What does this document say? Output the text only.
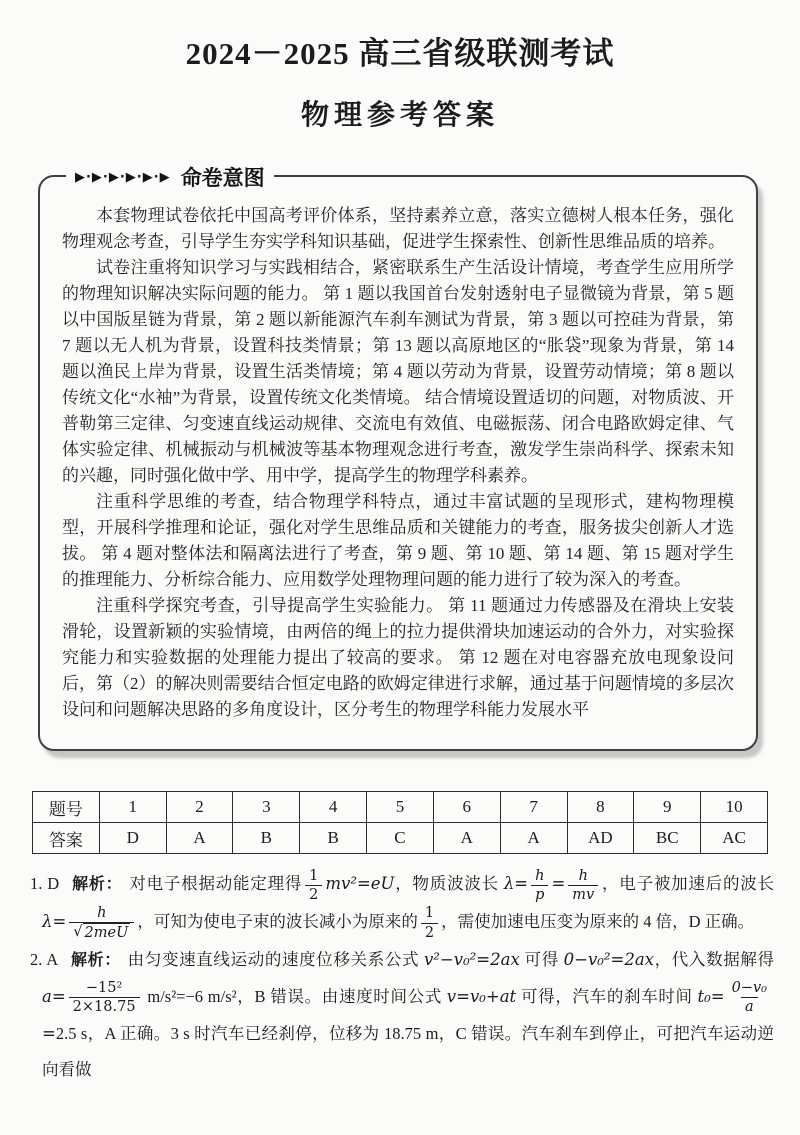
2024－2025 高三省级联测考试
物理参考答案
▶·▶·▶·▶·▶·▶ 命卷意图

本套物理试卷依托中国高考评价体系，坚持素养立意，落实立德树人根本任务，强化物理观念考查，引导学生夯实学科知识基础，促进学生探索性、创新性思维品质的培养。

试卷注重将知识学习与实践相结合，紧密联系生产生活设计情境，考查学生应用所学的物理知识解决实际问题的能力。 第 1 题以我国首台发射透射电子显微镜为背景，第 5 题以中国版星链为背景，第 2 题以新能源汽车刹车测试为背景，第 3 题以可控硅为背景，第 7 题以无人机为背景，设置科技类情景；第 13 题以高原地区的“胀袋”现象为背景，第 14 题以渔民上岸为背景，设置生活类情境；第 4 题以劳动为背景，设置劳动情境；第 8 题以传统文化“水袖”为背景，设置传统文化类情境。 结合情境设置适切的问题，对物质波、开普勒第三定律、匀变速直线运动规律、交流电有效值、电磁振荡、闭合电路欧姆定律、气体实验定律、机械振动与机械波等基本物理观念进行考查，激发学生崇尚科学、探索未知的兴趣，同时强化做中学、用中学，提高学生的物理学科素养。

注重科学思维的考查，结合物理学科特点，通过丰富试题的呈现形式，建构物理模型，开展科学推理和论证，强化对学生思维品质和关键能力的考查，服务拔尖创新人才选拔。 第 4 题对整体法和隔离法进行了考查，第 9 题、第 10 题、第 14 题、第 15 题对学生的推理能力、分析综合能力、应用数学处理物理问题的能力进行了较为深入的考查。

注重科学探究考查，引导提高学生实验能力。 第 11 题通过力传感器及在滑块上安装滑轮，设置新颖的实验情境，由两倍的绳上的拉力提供滑块加速运动的合外力，对实验探究能力和实验数据的处理能力提出了较高的要求。 第 12 题在对电容器充放电现象设问后，第（2）的解决则需要结合恒定电路的欧姆定律进行求解，通过基于问题情境的多层次设问和问题解决思路的多角度设计，区分考生的物理学科能力发展水平

题号	1	2	3	4	5	6	7	8	9	10
答案	D	A	B	B	C	A	A	AD	BC	AC

1. D 解析： 对电子根据动能定理得 $\frac{1}{2} mv^2=eU$，物质波波长 $\lambda= \frac{h}{p} = \frac{h}{mv}$ ，电子被加速后的波长 $\lambda= \frac{h}{\text{√ 2meU}}$ ，可知为使电子束的波长减小为原来的 $\frac{1}{2}$ ，需使加速电压变为原来的 4 倍，D 正确。

2. A 解析： 由匀变速直线运动的速度位移关系公式 v²−v₀²=2ax 可得 0−v₀²=2ax，代入数据解得 $a= \frac{\text{−15²}}{2\times 18.75} m/s^2=-6$ m/s²，B 错误。由速度时间公式 v=v₀+at 可得，汽车的刹车时间 $t_0= \frac{\text{0−v₀}}{a}$
=2.5 s，A 正确。3 s 时汽车已经刹停，位移为 18.75 m，C 错误。汽车刹车到停止，可把汽车运动逆向看做
